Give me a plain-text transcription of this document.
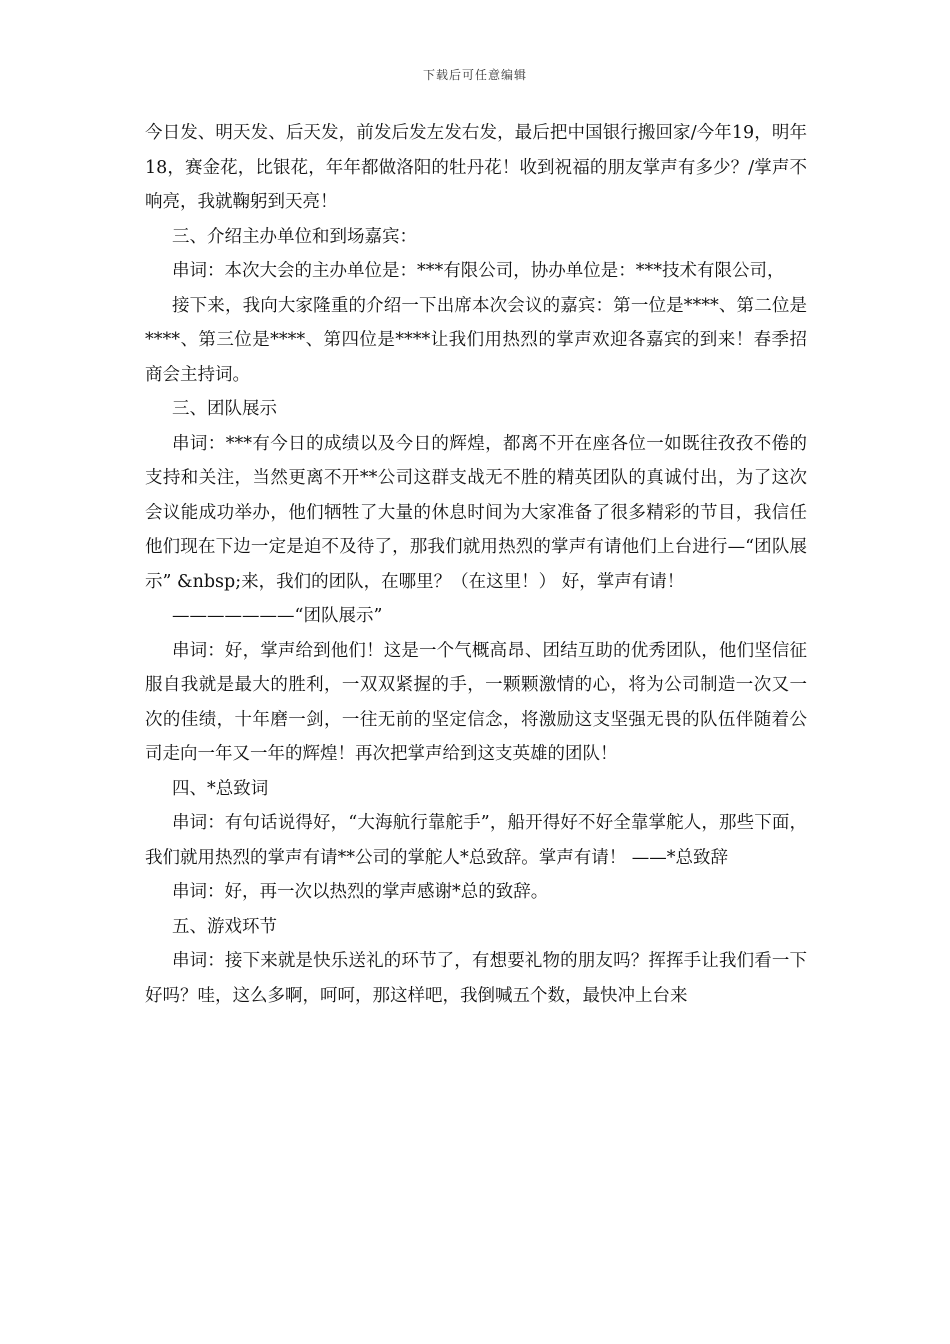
下载后可任意编辑

今日发、明天发、后天发，前发后发左发右发，最后把中国银行搬回家/今年19，明年18，赛金花，比银花，年年都做洛阳的牡丹花！收到祝福的朋友掌声有多少？/掌声不响亮，我就鞠躬到天亮！

三、介绍主办单位和到场嘉宾：

串词：本次大会的主办单位是：***有限公司，协办单位是：***技术有限公司，

接下来，我向大家隆重的介绍一下出席本次会议的嘉宾：第一位是****、第二位是****、第三位是****、第四位是****让我们用热烈的掌声欢迎各嘉宾的到来！春季招商会主持词。

三、团队展示

串词：***有今日的成绩以及今日的辉煌，都离不开在座各位一如既往孜孜不倦的支持和关注，当然更离不开**公司这群支战无不胜的精英团队的真诚付出，为了这次会议能成功举办，他们牺牲了大量的休息时间为大家准备了很多精彩的节目，我信任他们现在下边一定是迫不及待了，那我们就用热烈的掌声有请他们上台进行—“团队展示” &nbsp;来，我们的团队，在哪里？（在这里！） 好，掌声有请！

———————“团队展示”

串词：好，掌声给到他们！这是一个气概高昂、团结互助的优秀团队，他们坚信征服自我就是最大的胜利，一双双紧握的手，一颗颗激情的心，将为公司制造一次又一次的佳绩，十年磨一剑，一往无前的坚定信念，将激励这支坚强无畏的队伍伴随着公司走向一年又一年的辉煌！再次把掌声给到这支英雄的团队！

四、*总致词

串词：有句话说得好，“大海航行靠舵手”，船开得好不好全靠掌舵人，那些下面，我们就用热烈的掌声有请**公司的掌舵人*总致辞。掌声有请！ ——*总致辞

串词：好，再一次以热烈的掌声感谢*总的致辞。

五、游戏环节

串词：接下来就是快乐送礼的环节了，有想要礼物的朋友吗？挥挥手让我们看一下好吗？哇，这么多啊，呵呵，那这样吧，我倒喊五个数，最快冲上台来
